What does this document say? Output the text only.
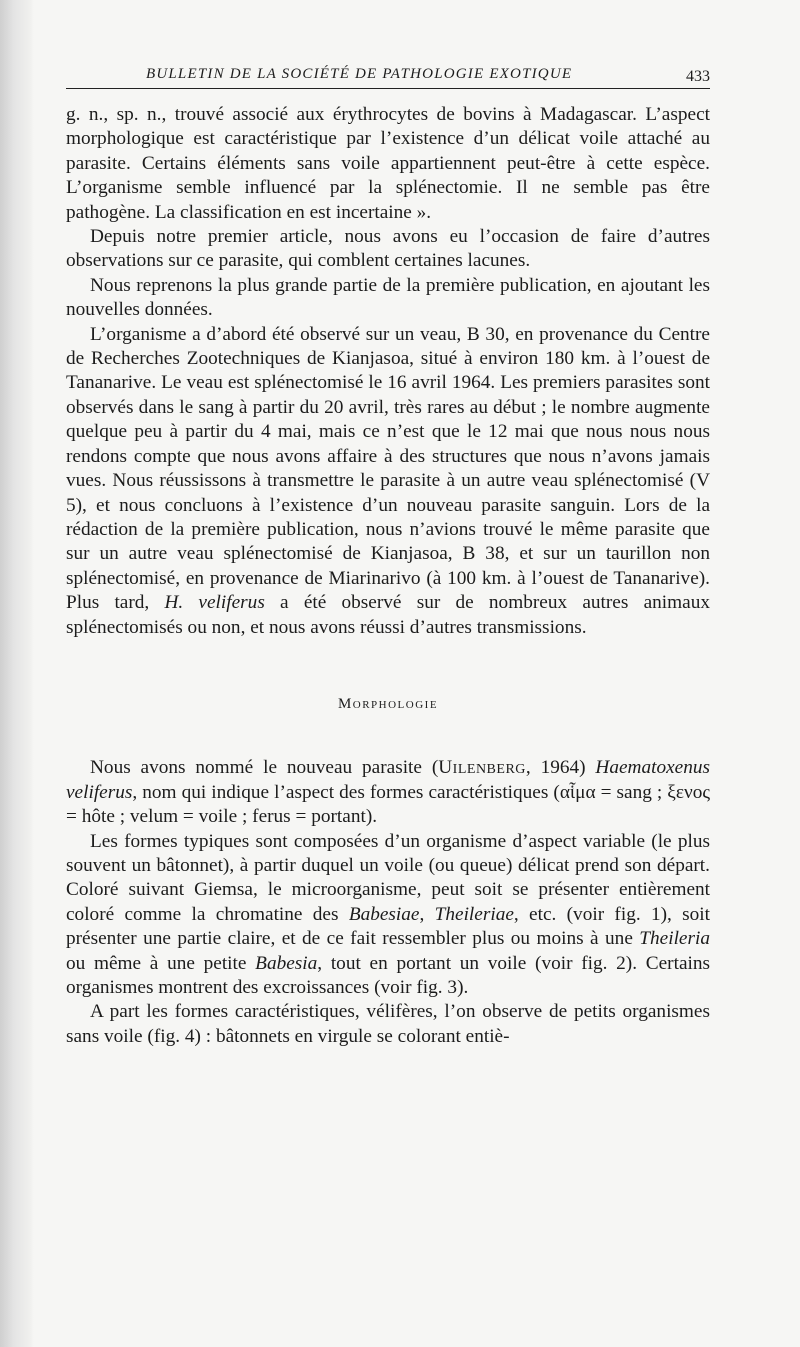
BULLETIN DE LA SOCIÉTÉ DE PATHOLOGIE EXOTIQUE	433

g. n., sp. n., trouvé associé aux érythrocytes de bovins à Madagascar. L’aspect morphologique est caractéristique par l’existence d’un délicat voile attaché au parasite. Certains éléments sans voile appartiennent peut-être à cette espèce. L’organisme semble influencé par la splénectomie. Il ne semble pas être pathogène. La classification en est incertaine ».

Depuis notre premier article, nous avons eu l’occasion de faire d’autres observations sur ce parasite, qui comblent certaines lacunes.

Nous reprenons la plus grande partie de la première publication, en ajoutant les nouvelles données.

L’organisme a d’abord été observé sur un veau, B 30, en provenance du Centre de Recherches Zootechniques de Kianjasoa, situé à environ 180 km. à l’ouest de Tananarive. Le veau est splénectomisé le 16 avril 1964. Les premiers parasites sont observés dans le sang à partir du 20 avril, très rares au début ; le nombre augmente quelque peu à partir du 4 mai, mais ce n’est que le 12 mai que nous nous nous rendons compte que nous avons affaire à des structures que nous n’avons jamais vues. Nous réussissons à transmettre le parasite à un autre veau splénectomisé (V 5), et nous concluons à l’existence d’un nouveau parasite sanguin. Lors de la rédaction de la première publication, nous n’avions trouvé le même parasite que sur un autre veau splénectomisé de Kianjasoa, B 38, et sur un taurillon non splénectomisé, en provenance de Miarinarivo (à 100 km. à l’ouest de Tananarive). Plus tard, H. veliferus a été observé sur de nombreux autres animaux splénectomisés ou non, et nous avons réussi d’autres transmissions.

Morphologie

Nous avons nommé le nouveau parasite (Uilenberg, 1964) Haematoxenus veliferus, nom qui indique l’aspect des formes caractéristiques (αἷμα = sang ; ξενος = hôte ; velum = voile ; ferus = portant).

Les formes typiques sont composées d’un organisme d’aspect variable (le plus souvent un bâtonnet), à partir duquel un voile (ou queue) délicat prend son départ. Coloré suivant Giemsa, le microorganisme, peut soit se présenter entièrement coloré comme la chromatine des Babesiae, Theileriae, etc. (voir fig. 1), soit présenter une partie claire, et de ce fait ressembler plus ou moins à une Theileria ou même à une petite Babesia, tout en portant un voile (voir fig. 2). Certains organismes montrent des excroissances (voir fig. 3).

A part les formes caractéristiques, vélifères, l’on observe de petits organismes sans voile (fig. 4) : bâtonnets en virgule se colorant entiè-
